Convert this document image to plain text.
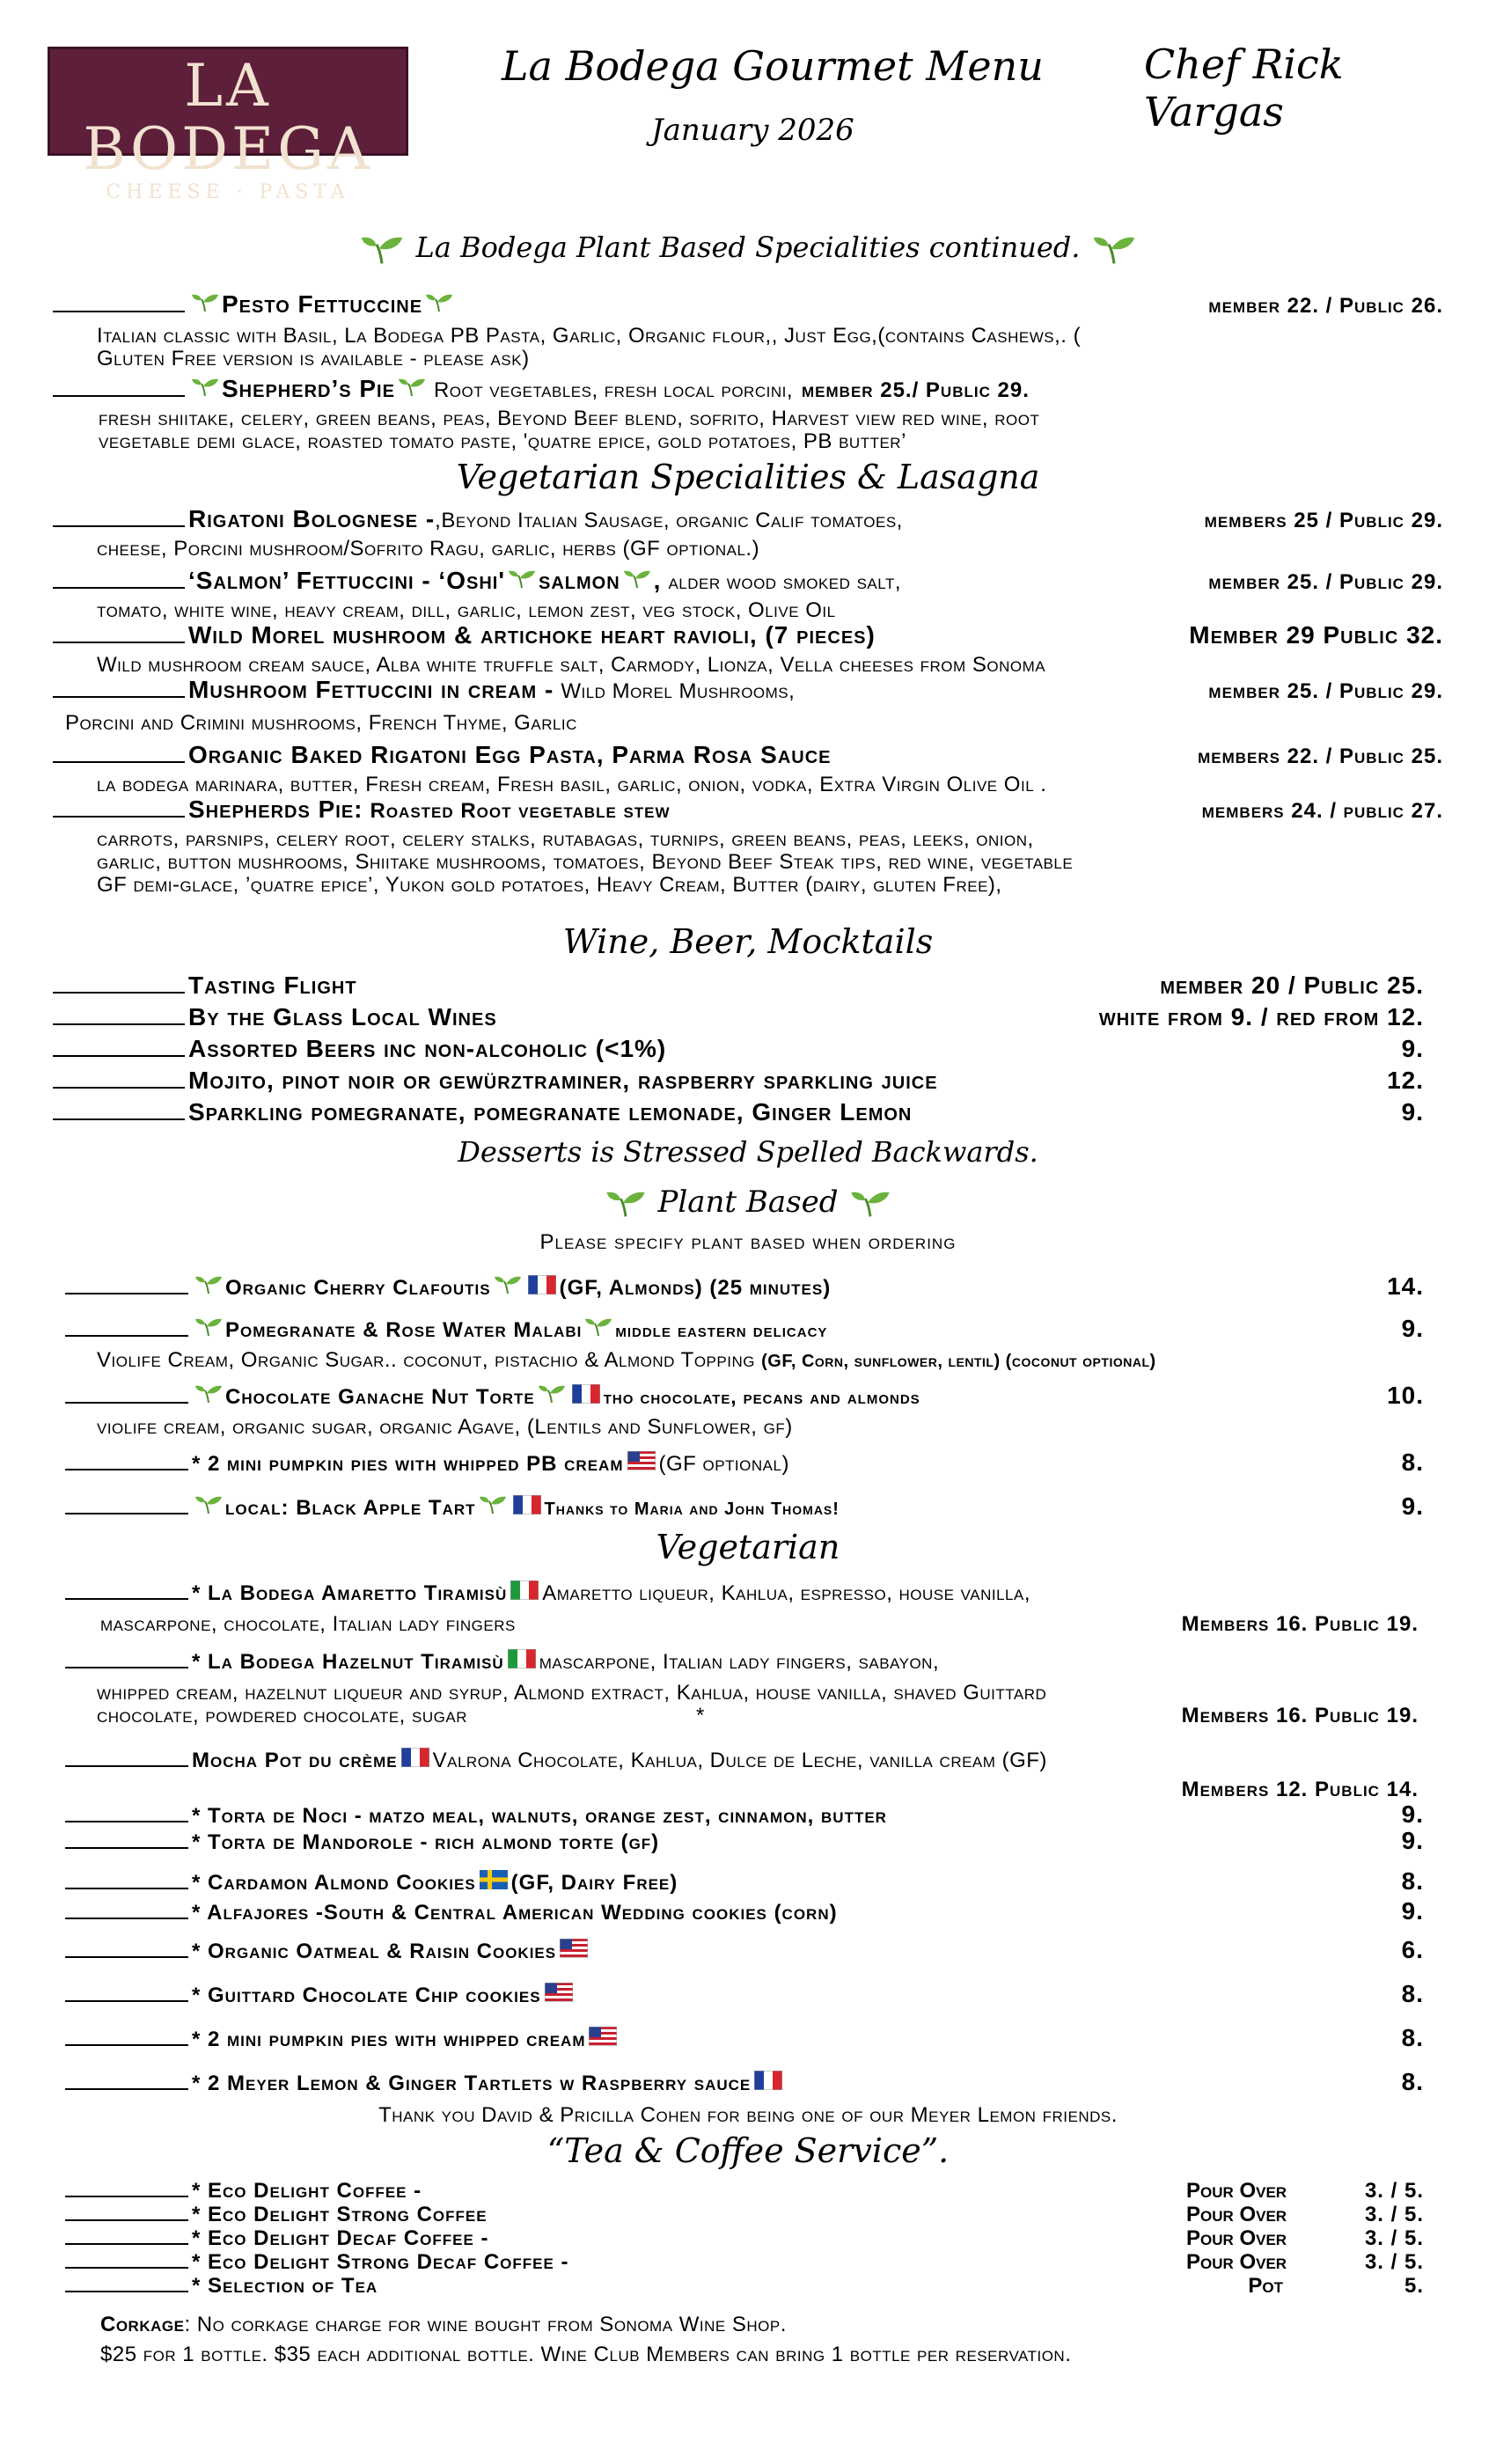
LA BODEGA
CHEESE · PASTA
La Bodega Gourmet Menu
January 2026
Chef Rick Vargas
La Bodega Plant Based Specialities continued.
Pesto Fettuccine	member 22. / Public 26.
Italian classic with Basil, La Bodega PB Pasta, Garlic, Organic flour,, Just Egg,(contains Cashews,. (
Gluten Free version is available - please ask)
Shepherd’s Pie Root vegetables, fresh local porcini, member 25./ Public 29.
fresh shiitake, celery, green beans, peas, Beyond Beef blend, sofrito, Harvest view red wine, root
vegetable demi glace, roasted tomato paste, 'quatre epice, gold potatoes, PB butter’
Vegetarian Specialities & Lasagna
Rigatoni Bolognese - ,Beyond Italian Sausage, organic Calif tomatoes,	members 25 / Public 29.
cheese, Porcini mushroom/Sofrito Ragu, garlic, herbs (GF optional.)
‘Salmon’ Fettuccini - ‘Oshi' salmon , alder wood smoked salt,	member 25. / Public 29.
tomato, white wine, heavy cream, dill, garlic, lemon zest, veg stock, Olive Oil
Wild Morel mushroom & artichoke heart ravioli, (7 pieces)	Member 29 Public 32.
Wild mushroom cream sauce, Alba white truffle salt, Carmody, Lionza, Vella cheeses from Sonoma
Mushroom Fettuccini in cream - Wild Morel Mushrooms,	member 25. / Public 29.
Porcini and Crimini mushrooms, French Thyme, Garlic
Organic Baked Rigatoni Egg Pasta, Parma Rosa Sauce	members 22. / Public 25.
la bodega marinara, butter, Fresh cream, Fresh basil, garlic, onion, vodka, Extra Virgin Olive Oil .
Shepherds Pie: Roasted Root vegetable stew	members 24. / public 27.
carrots, parsnips, celery root, celery stalks, rutabagas, turnips, green beans, peas, leeks, onion,
garlic, button mushrooms, Shiitake mushrooms, tomatoes, Beyond Beef Steak tips, red wine, vegetable
GF demi-glace, ’quatre epice’, Yukon gold potatoes, Heavy Cream, Butter (dairy, gluten Free),
Wine, Beer, Mocktails
Tasting Flight	member 20 / Public 25.
By the Glass Local Wines	white from 9. / red from 12.
Assorted Beers inc non-alcoholic (<1%)	9.
Mojito, pinot noir or gewürztraminer, raspberry sparkling juice	12.
Sparkling pomegranate, pomegranate lemonade, Ginger Lemon	9.
Desserts is Stressed Spelled Backwards.
Plant Based
Please specify plant based when ordering
Organic Cherry Clafoutis	(GF, Almonds) (25 minutes)	14.
Pomegranate & Rose Water Malabi middle eastern delicacy	9.
Violife Cream, Organic Sugar.. coconut, pistachio & Almond Topping (GF, Corn, sunflower, lentil) (coconut optional)
Chocolate Ganache Nut Torte	tho chocolate, pecans and almonds	10.
violife cream, organic sugar, organic Agave, (Lentils and Sunflower, gf)
* 2 mini pumpkin pies with whipped PB cream (GF optional)	8.
local: Black Apple Tart	Thanks to Maria and John Thomas!	9.
Vegetarian
* La Bodega Amaretto Tiramisù Amaretto liqueur, Kahlua, espresso, house vanilla,
mascarpone, chocolate, Italian lady fingers	Members 16. Public 19.
* La Bodega Hazelnut Tiramisù mascarpone, Italian lady fingers, sabayon,
whipped cream, hazelnut liqueur and syrup, Almond extract, Kahlua, house vanilla, shaved Guittard
chocolate, powdered chocolate, sugar	*	Members 16. Public 19.
Mocha Pot du crème Valrona Chocolate, Kahlua, Dulce de Leche, vanilla cream (GF)
Members 12. Public 14.
* Torta de Noci - matzo meal, walnuts, orange zest, cinnamon, butter	9.
* Torta de Mandorole - rich almond torte (gf)	9.
* Cardamon Almond Cookies (GF, Dairy Free)	8.
* Alfajores -South & Central American Wedding cookies (corn)	9.
* Organic Oatmeal & Raisin Cookies	6.
* Guittard Chocolate Chip cookies	8.
* 2 mini pumpkin pies with whipped cream	8.
* 2 Meyer Lemon & Ginger Tartlets w Raspberry sauce	8.
Thank you David & Pricilla Cohen for being one of our Meyer Lemon friends.
“Tea & Coffee Service”.
* Eco Delight Coffee -	Pour Over	3. / 5.
* Eco Delight Strong Coffee	Pour Over	3. / 5.
* Eco Delight Decaf Coffee -	Pour Over	3. / 5.
* Eco Delight Strong Decaf Coffee -	Pour Over	3. / 5.
* Selection of Tea	Pot	5.
Corkage: No corkage charge for wine bought from Sonoma Wine Shop.
$25 for 1 bottle. $35 each additional bottle. Wine Club Members can bring 1 bottle per reservation.
